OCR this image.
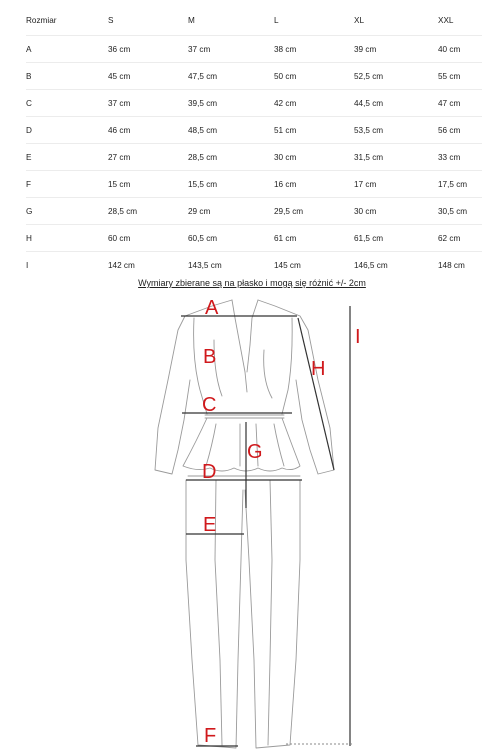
Rozmiar	S	M	L	XL	XXL
A	36 cm	37 cm	38 cm	39 cm	40 cm
B	45 cm	47,5 cm	50 cm	52,5 cm	55 cm
C	37 cm	39,5 cm	42 cm	44,5 cm	47 cm
D	46 cm	48,5 cm	51 cm	53,5 cm	56 cm
E	27 cm	28,5 cm	30 cm	31,5 cm	33 cm
F	15 cm	15,5 cm	16 cm	17 cm	17,5 cm
G	28,5 cm	29 cm	29,5 cm	30 cm	30,5 cm
H	60 cm	60,5 cm	61 cm	61,5 cm	62 cm
I	142 cm	143,5 cm	145 cm	146,5 cm	148 cm
Wymiary zbierane są na płasko i mogą się różnić +/- 2cm
A
B
C
D
E
F
G
H
I
